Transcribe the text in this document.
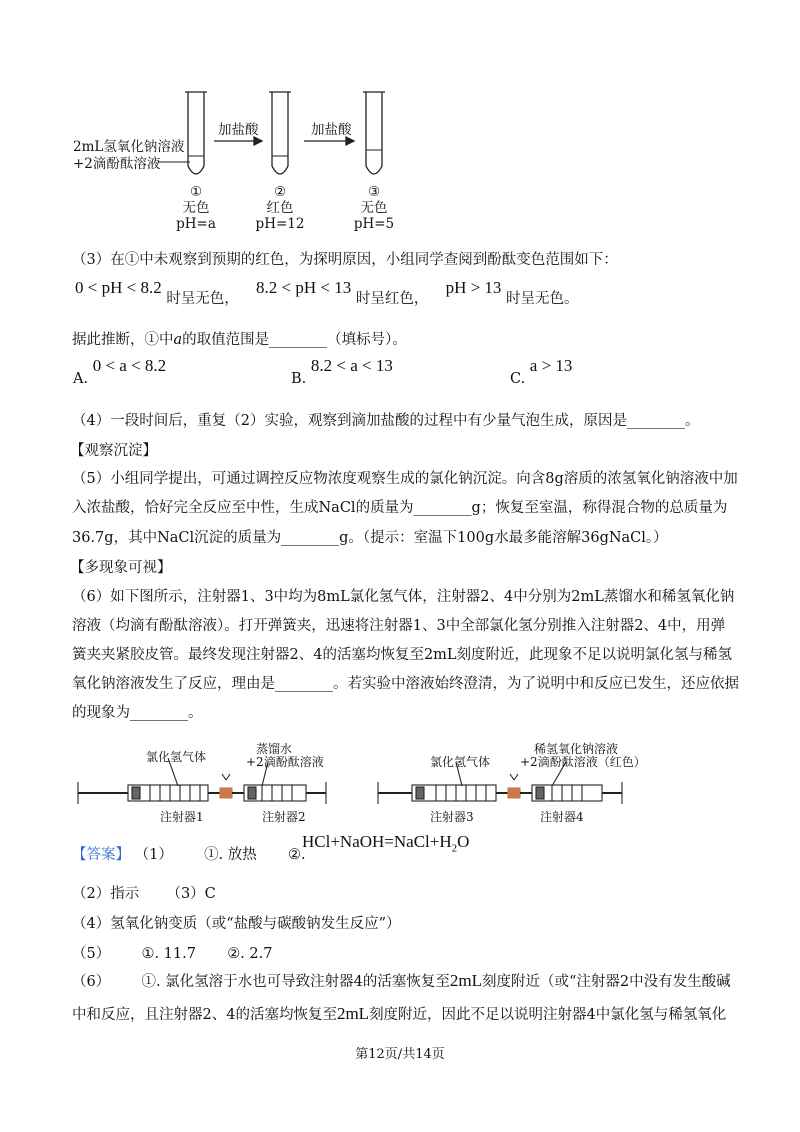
2mL氢氧化钠溶液
+2滴酚酞溶液
加盐酸	加盐酸
①
无色
pH=a
②
红色
pH=12
③
无色
pH=5
（3）在①中未观察到预期的红色，为探明原因，小组同学查阅到酚酞变色范围如下：
0 < pH < 8.2 时呈无色，  8.2 < pH < 13 时呈红色，  pH > 13 时呈无色。
据此推断，①中a的取值范围是________（填标号）。
A. 0 < a < 8.2
B. 8.2 < a < 13
C. a > 13
（4）一段时间后，重复（2）实验，观察到滴加盐酸的过程中有少量气泡生成，原因是________。
【观察沉淀】
（5）小组同学提出，可通过调控反应物浓度观察生成的氯化钠沉淀。向含8g溶质的浓氢氧化钠溶液中加
入浓盐酸，恰好完全反应至中性，生成NaCl的质量为________g；恢复至室温，称得混合物的总质量为
36.7g，其中NaCl沉淀的质量为________g。（提示：室温下100g水最多能溶解36gNaCl。）
【多现象可视】
（6）如下图所示，注射器1、3中均为8mL氯化氢气体，注射器2、4中分别为2mL蒸馏水和稀氢氧化钠
溶液（均滴有酚酞溶液）。打开弹簧夹，迅速将注射器1、3中全部氯化氢分别推入注射器2、4中，用弹
簧夹夹紧胶皮管。最终发现注射器2、4的活塞均恢复至2mL刻度附近，此现象不足以说明氯化氢与稀氢
氧化钠溶液发生了反应，理由是________。若实验中溶液始终澄清，为了说明中和反应已发生，还应依据
的现象为________。
氯化氢气体
蒸馏水
+2滴酚酞溶液	氯化氢气体
稀氢氧化钠溶液
+2滴酚酞溶液（红色）
注射器1	注射器2	注射器3	注射器4
【答案】 （1） ①. 放热 ②.
$HCl+NaOH=NaCl+H_2O$
（2）指示 （3）C
（4）氢氧化钠变质（或“盐酸与碳酸钠发生反应”）
（5） ①. 11.7 ②. 2.7
（6） ①. 氯化氢溶于水也可导致注射器4的活塞恢复至2mL刻度附近（或“注射器2中没有发生酸碱
中和反应，且注射器2、4的活塞均恢复至2mL刻度附近，因此不足以说明注射器4中氯化氢与稀氢氧化
第12页/共14页
